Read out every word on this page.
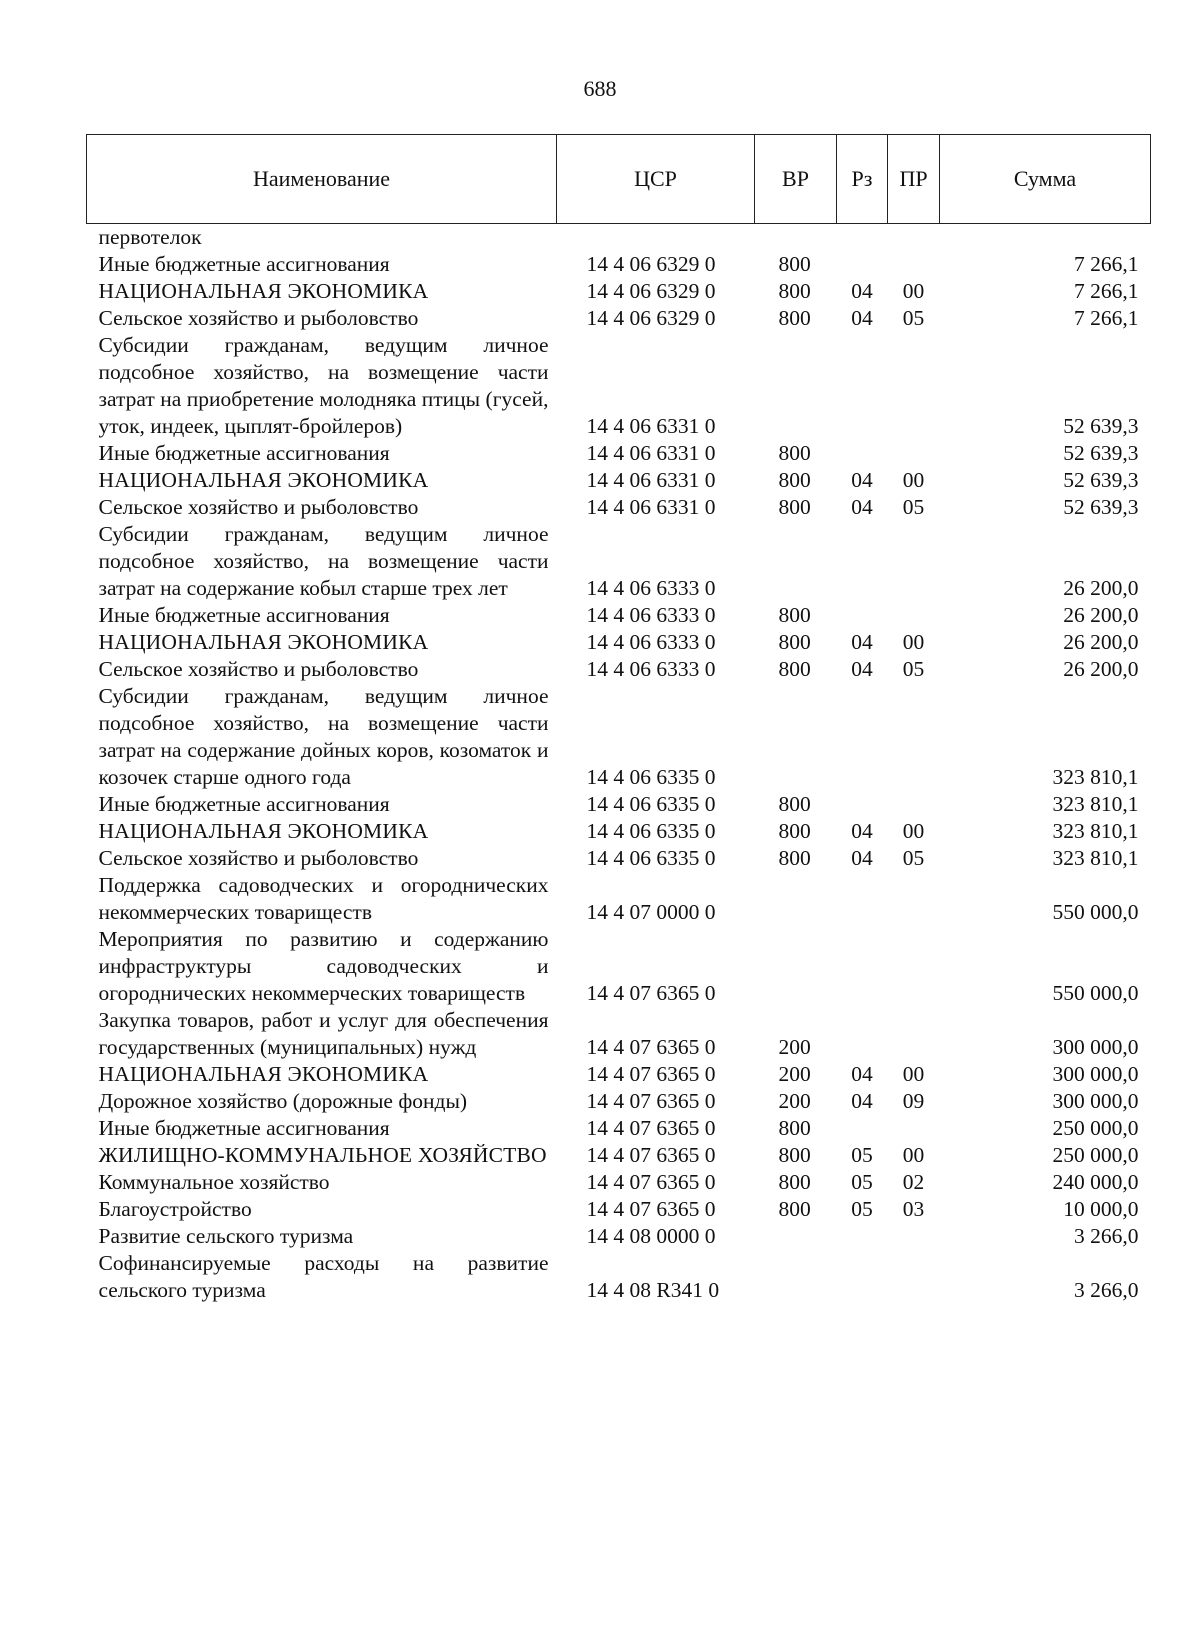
688
Наименование	ЦСР	ВР	Рз	ПР	Сумма
первотелок					
Иные бюджетные ассигнования	14 4 06 6329 0	800			7 266,1
НАЦИОНАЛЬНАЯ ЭКОНОМИКА	14 4 06 6329 0	800	04	00	7 266,1
Сельское хозяйство и рыболовство	14 4 06 6329 0	800	04	05	7 266,1
Субсидии гражданам, ведущим личное подсобное хозяйство, на возмещение части затрат на приобретение молодняка птицы (гусей, уток, индеек, цыплят-бройлеров)	14 4 06 6331 0				52 639,3
Иные бюджетные ассигнования	14 4 06 6331 0	800			52 639,3
НАЦИОНАЛЬНАЯ ЭКОНОМИКА	14 4 06 6331 0	800	04	00	52 639,3
Сельское хозяйство и рыболовство	14 4 06 6331 0	800	04	05	52 639,3
Субсидии гражданам, ведущим личное подсобное хозяйство, на возмещение части затрат на содержание кобыл старше трех лет	14 4 06 6333 0				26 200,0
Иные бюджетные ассигнования	14 4 06 6333 0	800			26 200,0
НАЦИОНАЛЬНАЯ ЭКОНОМИКА	14 4 06 6333 0	800	04	00	26 200,0
Сельское хозяйство и рыболовство	14 4 06 6333 0	800	04	05	26 200,0
Субсидии гражданам, ведущим личное подсобное хозяйство, на возмещение части затрат на содержание дойных коров, козоматок и козочек старше одного года	14 4 06 6335 0				323 810,1
Иные бюджетные ассигнования	14 4 06 6335 0	800			323 810,1
НАЦИОНАЛЬНАЯ ЭКОНОМИКА	14 4 06 6335 0	800	04	00	323 810,1
Сельское хозяйство и рыболовство	14 4 06 6335 0	800	04	05	323 810,1
Поддержка садоводческих и огороднических некоммерческих товариществ	14 4 07 0000 0				550 000,0
Мероприятия по развитию и содержанию инфраструктуры садоводческих и огороднических некоммерческих товариществ	14 4 07 6365 0				550 000,0
Закупка товаров, работ и услуг для обеспечения государственных (муниципальных) нужд	14 4 07 6365 0	200			300 000,0
НАЦИОНАЛЬНАЯ ЭКОНОМИКА	14 4 07 6365 0	200	04	00	300 000,0
Дорожное хозяйство (дорожные фонды)	14 4 07 6365 0	200	04	09	300 000,0
Иные бюджетные ассигнования	14 4 07 6365 0	800			250 000,0
ЖИЛИЩНО-КОММУНАЛЬНОЕ ХОЗЯЙСТВО	14 4 07 6365 0	800	05	00	250 000,0
Коммунальное хозяйство	14 4 07 6365 0	800	05	02	240 000,0
Благоустройство	14 4 07 6365 0	800	05	03	10 000,0
Развитие сельского туризма	14 4 08 0000 0				3 266,0
Софинансируемые расходы на развитие сельского туризма	14 4 08 R341 0				3 266,0
